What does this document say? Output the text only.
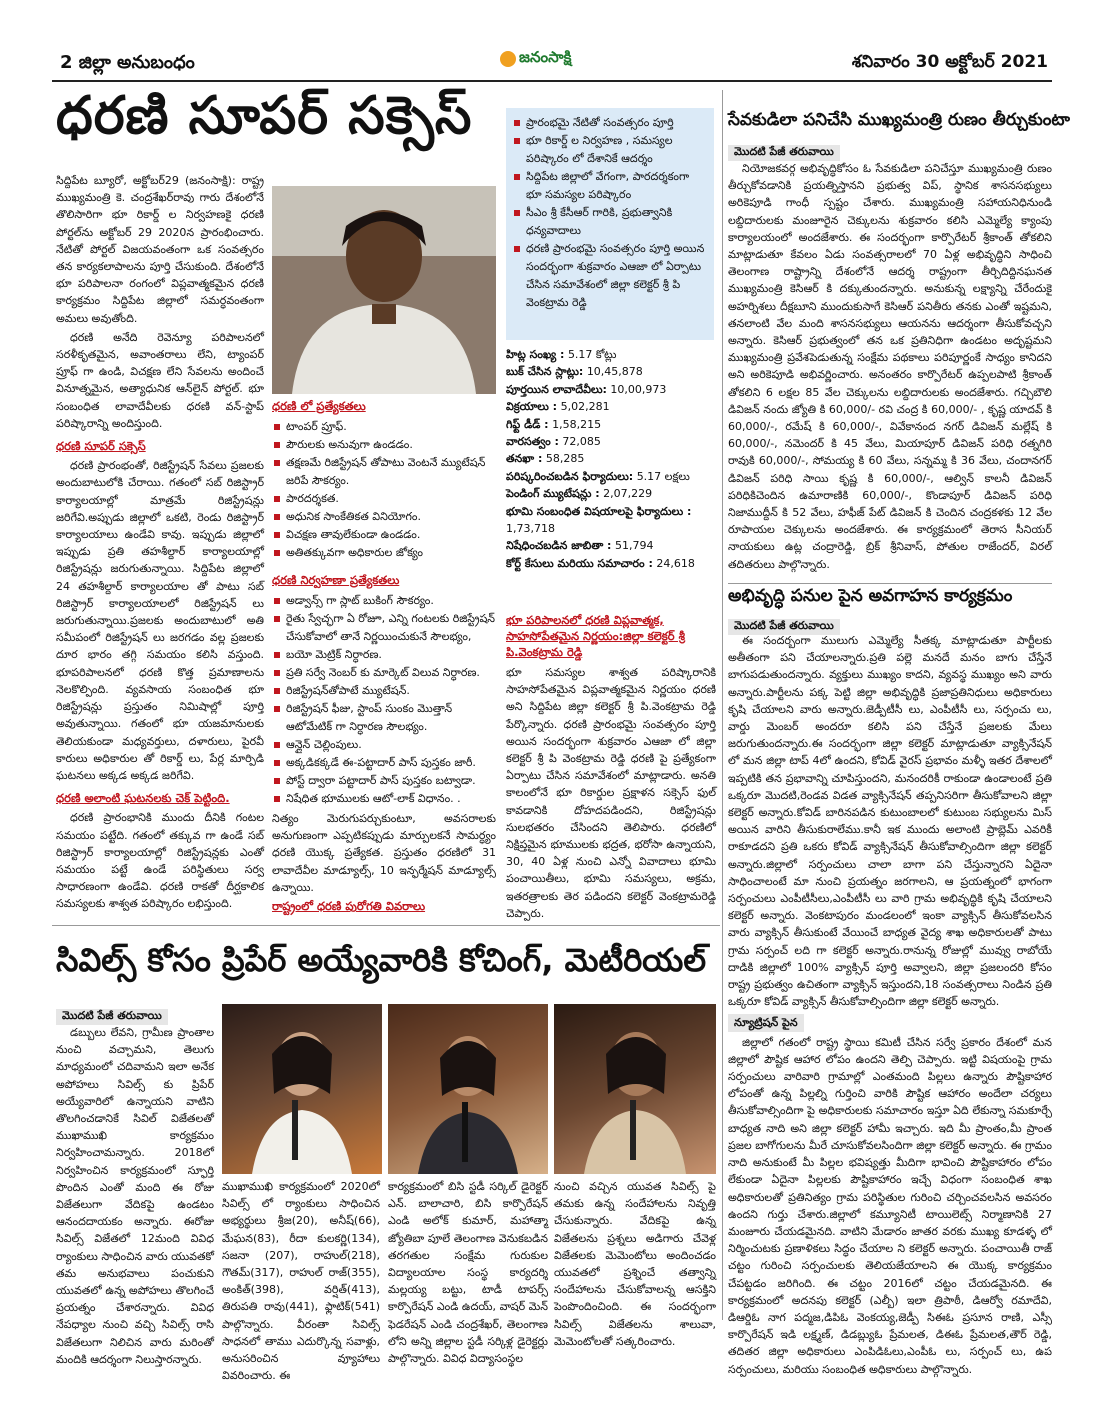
2 జిల్లా అనుబంధం	జనంసాక్షి	శనివారం 30 అక్టోబర్ 2021
ధరణి సూపర్ సక్సెస్

సిద్దిపేట బ్యూరో, అక్టోబర్29 (జనంసాక్షి): రాష్ట్ర ముఖ్యమంత్రి కె. చంద్రశేఖర్‌రావు గారు దేశంలోనే తొలిసారిగా భూ రికార్డ్ ల నిర్వహణకై ధరణి పోర్టల్‌ను అక్టోబర్ 29 2020న ప్రారంభించారు. నేటితో పోర్టల్ విజయవంతంగా ఒక సంవత్సరం తన కార్యకలాపాలను పూర్తి చేసుకుంది. దేశంలోనే భూ పరిపాలనా రంగంలో విప్లవాత్మకమైన ధరణి కార్యక్రమం సిద్దిపేట జిల్లాలో సమర్ధవంతంగా అమలు అవుతోంది.

ధరణి అనేది రెవెన్యూ పరిపాలనలో సరళీకృతమైన, అవాంతరాలు లేని, ట్యాంపర్ ప్రూఫ్ గా ఉండి, విచక్షణ లేని సేవలను అందించే వినూత్నమైన, అత్యాధునిక ఆన్‌లైన్ పోర్టల్. భూ సంబంధిత లావాదేవీలకు ధరణి వన్-స్టాప్ పరిష్కారాన్ని అందిస్తుంది.

ధరణి సూపర్ సక్సెస్

ధరణి ప్రారంభంతో, రిజిస్ట్రేషన్ సేవలు ప్రజలకు అందుబాటులోకి చేరాయి. గతంలో సబ్ రిజిస్ట్రార్ కార్యాలయాల్లో మాత్రమే రిజిస్ట్రేషన్లు జరిగేవి.అప్పుడు జిల్లాలో ఒకటి, రెండు రిజిస్ట్రార్ కార్యాలయాలు ఉండేవి కావు. ఇప్పుడు జిల్లాలో ఇప్పుడు ప్రతి తహశీల్దార్ కార్యాలయాల్లో రిజిస్ట్రేషన్లు జరుగుతున్నాయి. సిద్దిపేట జిల్లాలో 24 తహశీల్దార్ కార్యాలయాల తో పాటు సబ్ రిజిస్ట్రార్ కార్యాలయాలలో రిజిస్ట్రేషన్ లు జరుగుతున్నాయి.ప్రజలకు అందుబాటులో అతి సమీపంలో రిజిస్ట్రేషన్ లు జరగడం వల్ల ప్రజలకు దూర భారం తగ్గి సమయం కలిసి వస్తుంది. భూపరిపాలనలో ధరణి కొత్త ప్రమాణాలను నెలకొల్పింది. వ్యవసాయ సంబంధిత భూ రిజిస్ట్రేషన్లు ప్రస్తుతం నిమిషాల్లో పూర్తి అవుతున్నాయి. గతంలో భూ యజమానులకు తెలియకుండా మధ్యవర్తులు, దళారులు, పైరవీ కారులు అధికారుల తో రికార్డ్ లు, పేర్ల మార్పిడి ఘటనలు అక్కడ అక్కడ జరిగేవి.

ధరణి అలాంటి ఘటనలకు చెక్ పెట్టింది.

ధరణి ప్రారంభానికి ముందు దీనికి గంటల సమయం పట్టేది. గతంలో తక్కువ గా ఉండే సబ్ రిజిస్ట్రార్ కార్యాలయాల్లో రిజిస్ట్రేషన్లకు ఎంతో సమయం పట్టే ఉండే పరిస్థితులు సర్వ సాధారణంగా ఉండేవి. ధరణి రాకతో దీర్ఘకాలిక సమస్యలకు శాశ్వత పరిష్కారం లభిస్తుంది.

ధరణి లో ప్రత్యేకతలు
టాంపర్ ప్రూఫ్.
పౌరులకు అనువుగా ఉండడం.
తక్షణమే రిజిస్ట్రేషన్ తోపాటు వెంటనే మ్యుటేషన్ జరిపే సౌకర్యం.
పారదర్శకత.
అధునిక సాంకేతికత వినియోగం.
విచక్షణ తావులేకుండా ఉండడం.
అతితక్కువగా అధికారుల జోక్యం
ధరణి నిర్వహణా ప్రత్యేకతలు
అడ్వాన్స్ గా స్లాట్ బుకింగ్ సౌకర్యం.
రైతు స్వేచ్ఛగా ఏ రోజూ, ఎన్ని గంటలకు రిజిస్ట్రేషన్ చేసుకోవాలో తానే నిర్ణయించుకునే సౌలభ్యం,
బయో మెట్రిక్ నిర్ధారణ.
ప్రతి సర్వే నెంబర్ కు మార్కెట్ విలువ నిర్ధారణ.
రిజిస్ట్రేషన్‌తోపాటే మ్యుటేషన్.
రిజిస్ట్రేషన్ ఫీజు, స్టాంప్ సుంకం మొత్తాన్ ఆటోమేటిక్ గా నిర్ధారణ సౌలభ్యం.
ఆన్లైన్ చెల్లింపులు.
అక్కడికక్కడే ఈ-పట్టాదార్ పాస్ పుస్తకం జారీ.
పోస్ట్ ద్వారా పట్టాదార్ పాస్ పుస్తకం బట్వాడా.
నిషేధిత భూములకు ఆటో-లాక్ విధానం. .
నిత్యం మెరుగుపర్చుకుంటూ, అవసరాలకు అనుగుణంగా ఎప్పటికప్పుడు మార్పులకనే సామర్ధ్యం ధరణి యొక్క ప్రత్యేకత. ప్రస్తుతం ధరణిలో 31 లావాదేవీల మాడ్యూల్స్, 10 ఇన్ఫర్మేషన్ మాడ్యూల్స్ ఉన్నాయి.
రాష్ట్రంలో ధరణి పురోగతి వివరాలు
ప్రారంభమై నేటితో సంవత్సరం పూర్తి
భూ రికార్డ్ ల నిర్వహణ , సమస్యల పరిష్కారం లో దేశానికే ఆదర్శం
సిద్దిపేట జిల్లాలో వేగంగా, పారదర్శకంగా భూ సమస్యల పరిష్కారం
సీఎం శ్రీ కేసీఆర్ గారికి, ప్రభుత్వానికి ధన్యవాదాలు
ధరణి ప్రారంభమై సంవత్సరం పూర్తి అయిన సందర్భంగా శుక్రవారం ఎఆజా లో ఏర్పాటు చేసిన సమావేశంలో జిల్లా కలెక్టర్ శ్రీ పి వెంకట్రామ రెడ్డి
హిట్ల సంఖ్య : 5.17 కోట్లు
బుక్ చేసిన స్లాట్లు: 10,45,878
పూర్తయిన లావాదేవీలు: 10,00,973
విక్రయాలు : 5,02,281
గిఫ్ట్ డీడ్ : 1,58,215
వారసత్వం : 72,085
తనఖా : 58,285
పరిష్కరించబడిన ఫిర్యాదులు: 5.17 లక్షలు
పెండింగ్ మ్యుటేషన్లు : 2,07,229
భూమి సంబంధిత విషయాలపై ఫిర్యాదులు : 1,73,718
నిషేధించబడిన జాబితా : 51,794
కోర్ట్ కేసులు మరియు సమాచారం : 24,618
భూ పరిపాలనలో ధరణి విప్లవాత్మక, సాహసోపేతమైన నిర్ణయం:జిల్లా కలెక్టర్ శ్రీ పి.వెంకట్రామ రెడ్డి
భూ సమస్యల శాశ్వత పరిష్కారానికి సాహసోపేతమైన విప్లవాత్మకమైన నిర్ణయం ధరణి అని సిద్దిపేట జిల్లా కలెక్టర్ శ్రీ పి.వెంకట్రామ రెడ్డి పేర్కొన్నారు. ధరణి ప్రారంభమై సంవత్సరం పూర్తి అయిన సందర్భంగా శుక్రవారం ఎఆజా లో జిల్లా కలెక్టర్ శ్రీ పి వెంకట్రామ రెడ్డి ధరణి పై ప్రత్యేకంగా ఏర్పాటు చేసిన సమావేశంలో మాట్లాడారు. అనతి కాలంలోనే భూ రికార్డుల ప్రక్షాళన సక్సెస్ ఫుల్ కావడానికి దోహదపడిందని, రిజిస్ట్రేషన్లు సులభతరం చేసిందని తెలిపారు. ధరణిలో నిక్షిప్తమైన భూములకు భద్రత, భరోసా ఉన్నాయని, 30, 40 ఏళ్ల నుంచి ఎన్నో వివాదాలు భూమి పంచాయితీలు, భూమి సమస్యలు, అక్రమ, ఇతరత్రాలకు తెర పడిందని కలెక్టర్ వెంకట్రామరెడ్డి చెప్పారు.
సేవకుడిలా పనిచేసి ముఖ్యమంత్రి రుణం తీర్చుకుంటా
మొదటి పేజీ తరువాయి

నియోజకవర్గ అభివృద్ధికోసం ఓ సేవకుడిలా పనిచేస్తూ ముఖ్యమంత్రి రుణం తీర్చుకోవడానికి ప్రయత్నిస్తానని ప్రభుత్వ విప్, స్థానిక శాసనసభ్యులు అరికెపూడి గాంధీ స్పష్టం చేశారు. ముఖ్యమంత్రి సహాయనిధినుండి లబ్దిదారులకు మంజూరైన చెక్కులను శుక్రవారం కలిసి ఎమ్మెల్యే క్యాంపు కార్యాలయంలో అందజేశారు. ఈ సందర్భంగా కార్పొరేటర్ శ్రీకాంత్ తోకలిని మాట్లాడుతూ కేవలం ఏడు సంవత్సరాలలో 70 ఏళ్ల అభివృద్ధిని సాధించి తెలంగాణ రాష్ట్రాన్ని దేశంలోనే ఆదర్శ రాష్ట్రంగా తీర్చిదిద్దినఘనత ముఖ్యమంత్రి కెసిఆర్ కి దక్కుతుందన్నారు. అనుకున్న లక్ష్యాన్ని చేరేందుకై అహర్నిశలు దీక్షబూని ముందుకుసాగే కెసిఆర్ పనితీరు తనకు ఎంతో ఇష్టమని, తనలాంటి వేల మంది శాసనసభ్యులు ఆయనను ఆదర్శంగా తీసుకోవచ్చని అన్నారు. కెసిఆర్ ప్రభుత్వంలో తన ఒక ప్రతినిధిగా ఉండటం అదృష్టమని ముఖ్యమంత్రి ప్రవేశపెడుతున్న సంక్షేమ పథకాలు పరిపూర్ణంకే సాధ్యం కానిదని అని అరికెపూడి అభివర్ణించారు. అనంతరం కార్పొరేటర్ ఉప్పలపాటి శ్రీకాంత్ తోకలిని 6 లక్షల 85 వేల చెక్కులను లబ్దిదారులకు అందజేశారు. గచ్చిబౌలి డివిజన్ నందు జ్యోతి కి 60,000/- రవి చంద్ర కి 60,000/- , కృష్ణ యాదవ్ కి 60,000/-, రమేష్ కి 60,000/-, వివేకానంద నగర్ డివిజన్ మల్లేష్ కి 60,000/-, నమెందర్ కి 45 వేలు, మియాపూర్ డివిజన్ పరిధి రత్నగిరి రావుకి 60,000/-, సోమయ్య కి 60 వేలు, సన్నమ్మ కి 36 వేలు, చందానగర్ డివిజన్ పరిధి సాయి కృష్ణ కి 60,000/-, ఆల్విన్ కాలనీ డివిజన్ పరిధికిచెందిన ఉమారాణికి 60,000/-, కొండాపూర్ డివిజన్ పరిధి నిజాముద్దీన్ కి 52 వేలు, హఫీజ్ పేట్ డివిజన్ కి చెందిన చంద్రకళకు 12 వేల రూపాయల చెక్కులను అందజేశారు. ఈ కార్యక్రమంలో తెరాస సీనియర్ నాయకులు ఉట్ల చంద్రారెడ్డి, బ్రిక్ శ్రీనివాస్, పోతుల రాజేందర్, విరల్ తదితరులు పాల్గొన్నారు.

అభివృద్ధి పనుల పైన అవగాహన కార్యక్రమం
మొదటి పేజీ తరువాయి

ఈ సందర్బంగా ములుగు ఎమ్మెల్యే సీతక్క మాట్లాడుతూ పార్టీలకు అతీతంగా పని చేయాలన్నారు.ప్రతి పల్లె మనదే మనం బాగు చేస్తేనే బాగుపడుతుందన్నారు. వ్యక్తులు ముఖ్యం కాదని, వ్యవస్థ ముఖ్యం అని వారు అన్నారు.పార్టీలను పక్క పెట్టి జిల్లా అభివృద్ధికి ప్రజాప్రతినిధులు అధికారులు కృషి చేయాలని వారు అన్నారు.జెడ్పీటీసీ లు, ఎంపీటీసీ లు, సర్పంచు లు, వార్డు మెంబర్ అందరూ కలిసి పని చేస్తేనే ప్రజలకు మేలు జరుగుతుందన్నారు.ఈ సందర్భంగా జిల్లా కలెక్టర్ మాట్లాడుతూ వ్యాక్సినేషన్ లో మన జిల్లా టాప్ 4లో ఉందని, కోవిడ్ వైరస్ ప్రభావం మళ్ళీ ఇతర దేశాలలో ఇప్పటికి తన ప్రభావాన్ని చూపిస్తుందని, మనందరికీ రాకుండా ఉండాలంటే ప్రతి ఒక్కరూ మొదటి,రెండవ విడత వ్యాక్సినేషన్ తప్పనిసరిగా తీసుకోవాలని జిల్లా కలెక్టర్ అన్నారు.కోవిడ్ బారినపడిన కుటుంబాలలో కుటుంబ సభ్యులను మిస్ అయిన వారిని తీసుకురాలేము.కానీ ఇక ముందు అలాంటి ప్రాబ్లెమ్ ఎవరికీ రాకూడదని ప్రతి ఒకరు కోవిడ్ వ్యాక్సినేషన్ తీసుకోవాల్సిందిగా జిల్లా కలెక్టర్ అన్నారు.జిల్లాలో సర్పంచులు చాలా బాగా పని చేస్తున్నారని ఏదైనా సాధించాలంటే మా నుంచి ప్రయత్నం జరగాలని, ఆ ప్రయత్నంలో భాగంగా సర్పంచులు ఎంపీటీసీలు,ఎంపీటీసీ లు వారి గ్రామ అభివృద్ధికి కృషి చేయాలని కలెక్టర్ అన్నారు. వెంకటాపురం మండలంలో ఇంకా వ్యాక్సిన్ తీసుకోవలసిన వారు వ్యాక్సిన్ తీసుకుంటే వేయించే బాధ్యత వైద్య శాఖ అధికారులతో పాటు గ్రామ సర్పంచ్ లది గా కలెక్టర్ అన్నారు.రానున్న రోజుల్లో మువ్వు రాబోయే దాడికి జిల్లాలో 100% వ్యాక్సిన్ పూర్తి అవ్వాలని, జిల్లా ప్రజలందరి కోసం రాష్ట్ర ప్రభుత్వం ఉచితంగా వ్యాక్సిన్ ఇస్తుందని,18 సంవత్సరాలు నిండిన ప్రతి ఒక్కరూ కోవిడ్ వ్యాక్సిన్ తీసుకోవాల్సిందిగా జిల్లా కలెక్టర్ అన్నారు.

న్యూట్రిషన్ పైన

జిల్లాలో గతంలో రాష్ట్ర స్థాయి కమిటీ చేసిన సర్వే ప్రకారం దేశంలో మన జిల్లాలో పౌష్టిక ఆహార లోపం ఉందని తెల్పి చెప్పారు. ఇట్టి విషయంపై గ్రామ సర్పంచులు వారివారి గ్రామాల్లో ఎంతమంది పిల్లలు ఉన్నారు పౌష్టికాహార లోపంతో ఉన్న పిల్లల్ని గుర్తించి వారికి పౌష్టిక ఆహారం అందేలా చర్యలు తీసుకోవాల్సిందిగా పై అధికారులకు సమాచారం ఇస్తూ ఏది లేకున్నా సమకూర్చే బాధ్యత నాది అని జిల్లా కలెక్టర్ హామీ ఇచ్చారు. ఇది మీ ప్రాంతం,మీ ప్రాంత ప్రజల బాగోగులను మీరే చూసుకోవలసిందిగా జిల్లా కలెక్టర్ అన్నారు. ఈ గ్రామం నాది అనుకుంటే మీ పిల్లల భవిష్యత్తు మీదిగా భావించి పౌష్టికాహారం లోపం లేకుండా ఏదైనా పిల్లలకు పౌష్టికాహారం ఇచ్చే విధంగా సంబంధిత శాఖ అధికారులతో ప్రతినిత్యం గ్రామ పరిస్థితుల గురించి చర్చించవలసిన అవసరం ఉందని గుర్తు చేశారు.జిల్లాలో కమ్యూనిటీ టాయిలెట్స్ నిర్మాణానికి 27 మంజూరు చేయడమైనది. వాటిని మేడారం జాతర వరకు ముఖ్య కూడళ్ళ లో నిర్మించుటకు ప్రణాళికలు సిద్ధం చేయాల ని కలెక్టర్ అన్నారు. పంచాయితీ రాజ్ చట్టం గురించి సర్పంచులకు తెలియజేయాలని ఈ యొక్క కార్యక్రమం చేపట్టడం జరిగింది. ఈ చట్టం 2016లో చట్టం చేయడమైనది. ఈ కార్యక్రమంలో అదనపు కలెక్టర్ (ఎల్బీ) ఇలా త్రిపాఠీ, డిఆర్వో రమాదేవి, డిఆర్డిఓ నాగ పద్మజ,డిపిఓ వెంకయ్య,జెడ్పీ సిఈఓ ప్రసూన రాణి, ఎస్సీ కార్పొరేషన్ ఇడి లక్ష్మణ్, డిడబ్ల్యుఓ ప్రేమలత, డిఈఓ ప్రేమలత,తౌర్ రెడ్డి, తదితర జిల్లా అధికారులు ఎంపిడిఓలు,ఎంపీఓ లు, సర్పంచ్ లు, ఉప సర్పంచులు, మరియు సంబంధిత అధికారులు పాల్గొన్నారు.

సివిల్స్ కోసం ప్రిపేర్ అయ్యేవారికి కోచింగ్, మెటీరియల్
మొదటి పేజీ తరువాయి

డబ్బులు లేవని, గ్రామీణ ప్రాంతాల నుంచి వచ్చామని, తెలుగు మాధ్యమంలో చదివామని ఇలా అనేక అపోహలు సివిల్స్ కు ప్రిపేర్ అయ్యేవారిలో ఉన్నాయని వాటిని తొలగించడానికే సివిల్ విజేతలతో ముఖాముఖి కార్యక్రమం నిర్వహించామన్నారు. 2018లో నిర్వహించిన కార్యక్రమంలో స్ఫూర్తి పొందిన ఎంతో మంది ఈ రోజు విజేతలుగా వేదికపై ఉండటం ఆనందదాయకం అన్నారు. ఈరోజు సివిల్స్ విజేతలో 12మంది వివిధ ర్యాంకులు సాధించిన వారు యువతకో తమ అనుభవాలు పంచుకుని యువతలో ఉన్న అపోహలు తొలగించే ప్రయత్నం చేశారన్నారు. వివిధ నేపధ్యాల నుంచి వచ్చి సివిల్స్ రాసి విజేతలుగా నిలిచిన వారు మరింతో మందికి ఆదర్శంగా నిలుస్తారన్నారు.

ముఖాముఖి కార్యక్రమంలో 2020లో సివిల్స్ లో ర్యాంకులు సాధించిన అభ్యర్థులు శ్రీజ(20), అనీష్(66), మేఘన(83), రీదా కులకర్ణి(134), సజనా (207), రాహుల్(218), గౌతమ్(317), రాహుల్ రాజ్(355), అంకిత్(398), వర్షిత్(413), తిరుపతి రావు(441), ఫ్లాటిక్(541) పాల్గొన్నారు. వీరంతా సివిల్స్ సాధనలో తాము ఎదుర్కొన్న సవాళ్లు, అనుసరించిన వ్యూహాలు వివరించారు. ఈ

కార్యక్రమంలో బిసి స్టడీ సర్కిల్ డైరెక్టర్ ఎన్. బాలాచారి, బిసి కార్పొరేషన్ ఎండి అలోక్ కుమార్, మహాత్మా జ్యోతిబా పూలే తెలంగాణ వెనుకబడిన తరగతుల సంక్షేమ గురుకుల విద్యాలయాల సంస్థ కార్యదర్శి మల్లయ్య బట్టు, టాడీ టాపర్స్ కార్పొరేషన్ ఎండి ఉదయ్, వాషర్ మెన్ ఫెడరేషన్ ఎండి చంద్రశేఖర్, తెలంగాణ లోని అన్ని జిల్లాల స్టడీ సర్కిళ్ల డైరెక్టర్లు పాల్గొన్నారు. వివిధ విద్యాసంస్థల

నుంచి వచ్చిన యువత సివిల్స్ పై తమకు ఉన్న సందేహాలను నివృత్తి చేసుకున్నారు. వేదికపై ఉన్న విజేతలను ప్రశ్నలు అడిగారు చేవెళ్ల విజేతలకు మెమెంటోలు అందించడం యువతలో ప్రశ్నించే తత్వాన్ని సందేహాలను చేసుకోవాలన్న ఆసక్తిని పెంపొందించింది. ఈ సందర్భంగా సివిల్స్ విజేతలను శాలువా, మెమెంటోలతో సత్కరించారు.
